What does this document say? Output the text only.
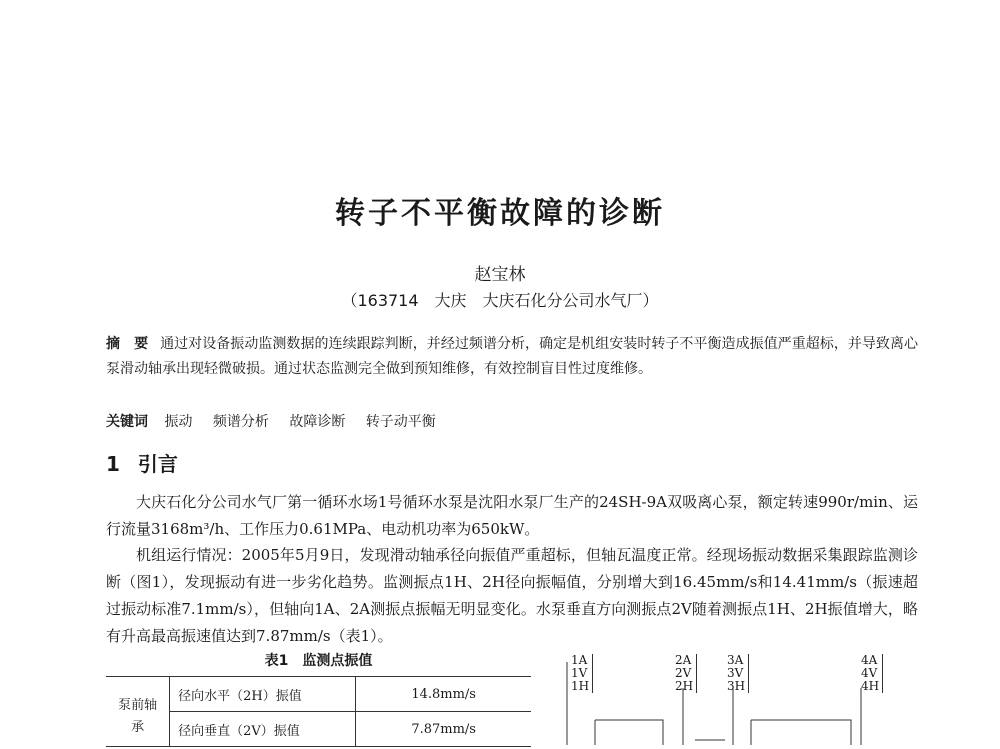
转子不平衡故障的诊断
赵宝林
（163714　大庆　大庆石化分公司水气厂）
摘　要 通过对设备振动监测数据的连续跟踪判断，并经过频谱分析，确定是机组安装时转子不平衡造成振值严重超标，并导致离心泵滑动轴承出现轻微破损。通过状态监测完全做到预知维修，有效控制盲目性过度维修。
关键词 振动 频谱分析 故障诊断 转子动平衡
1 引言
大庆石化分公司水气厂第一循环水场1号循环水泵是沈阳水泵厂生产的24SH-9A双吸离心泵，额定转速990r/min、运行流量3168m³/h、工作压力0.61MPa、电动机功率为650kW。
机组运行情况：2005年5月9日，发现滑动轴承径向振值严重超标，但轴瓦温度正常。经现场振动数据采集跟踪监测诊断（图1），发现振动有进一步劣化趋势。监测振点1H、2H径向振幅值，分别增大到16.45mm/s和14.41mm/s（振速超过振动标准7.1mm/s），但轴向1A、2A测振点振幅无明显变化。水泵垂直方向测振点2V随着测振点1H、2H振值增大，略有升高最高振速值达到7.87mm/s（表1）。
表1 监测点振值
泵前轴承	径向水平（2H）振值	14.8mm/s
	径向垂直（2V）振值	7.87mm/s
1A
1V
1H
2A
2V
2H
3A
3V
3H
4A
4V
4H
